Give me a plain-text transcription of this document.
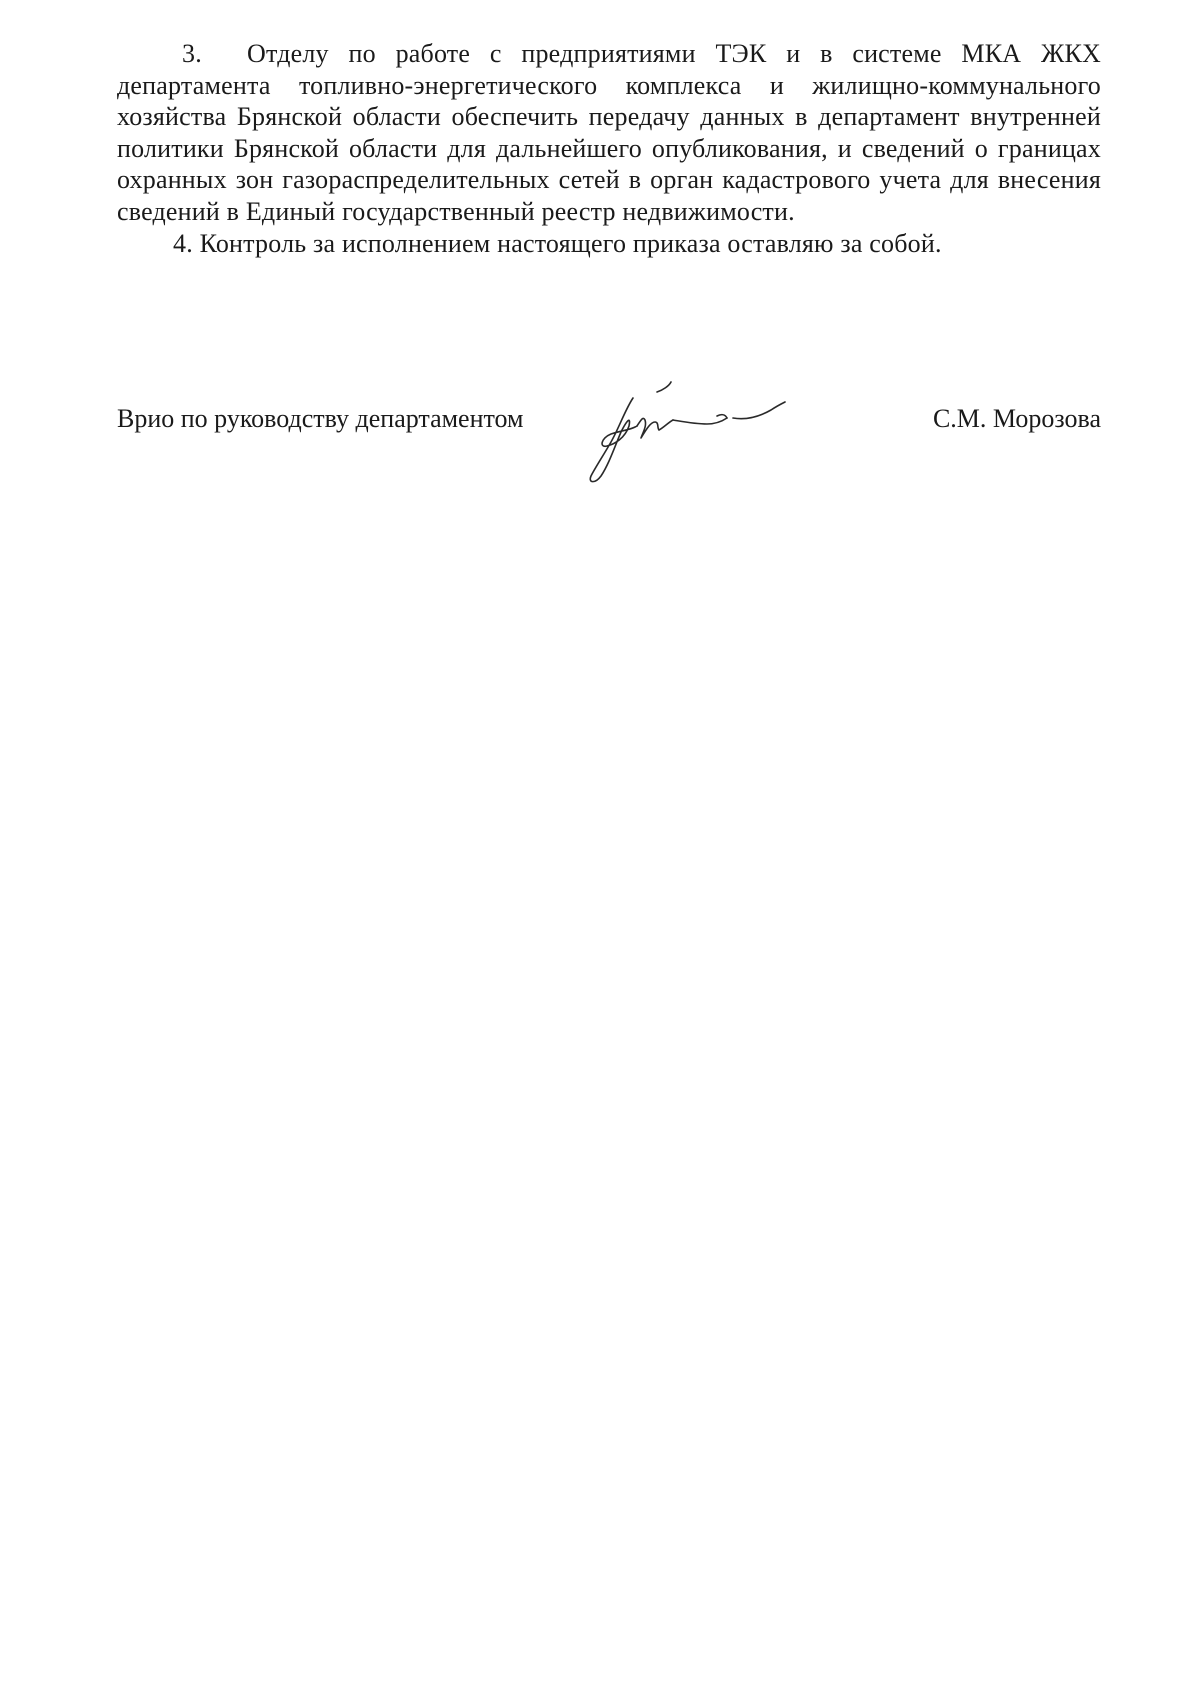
3. Отделу по работе с предприятиями ТЭК и в системе МКА ЖКХ департамента топливно-энергетического комплекса и жилищно-коммунального хозяйства Брянской области обеспечить передачу данных в департамент внутренней политики Брянской области для дальнейшего опубликования, и сведений о границах охранных зон газораспределительных сетей в орган кадастрового учета для внесения сведений в Единый государственный реестр недвижимости.

4. Контроль за исполнением настоящего приказа оставляю за собой.

Врио по руководству департаментом	С.М. Морозова
